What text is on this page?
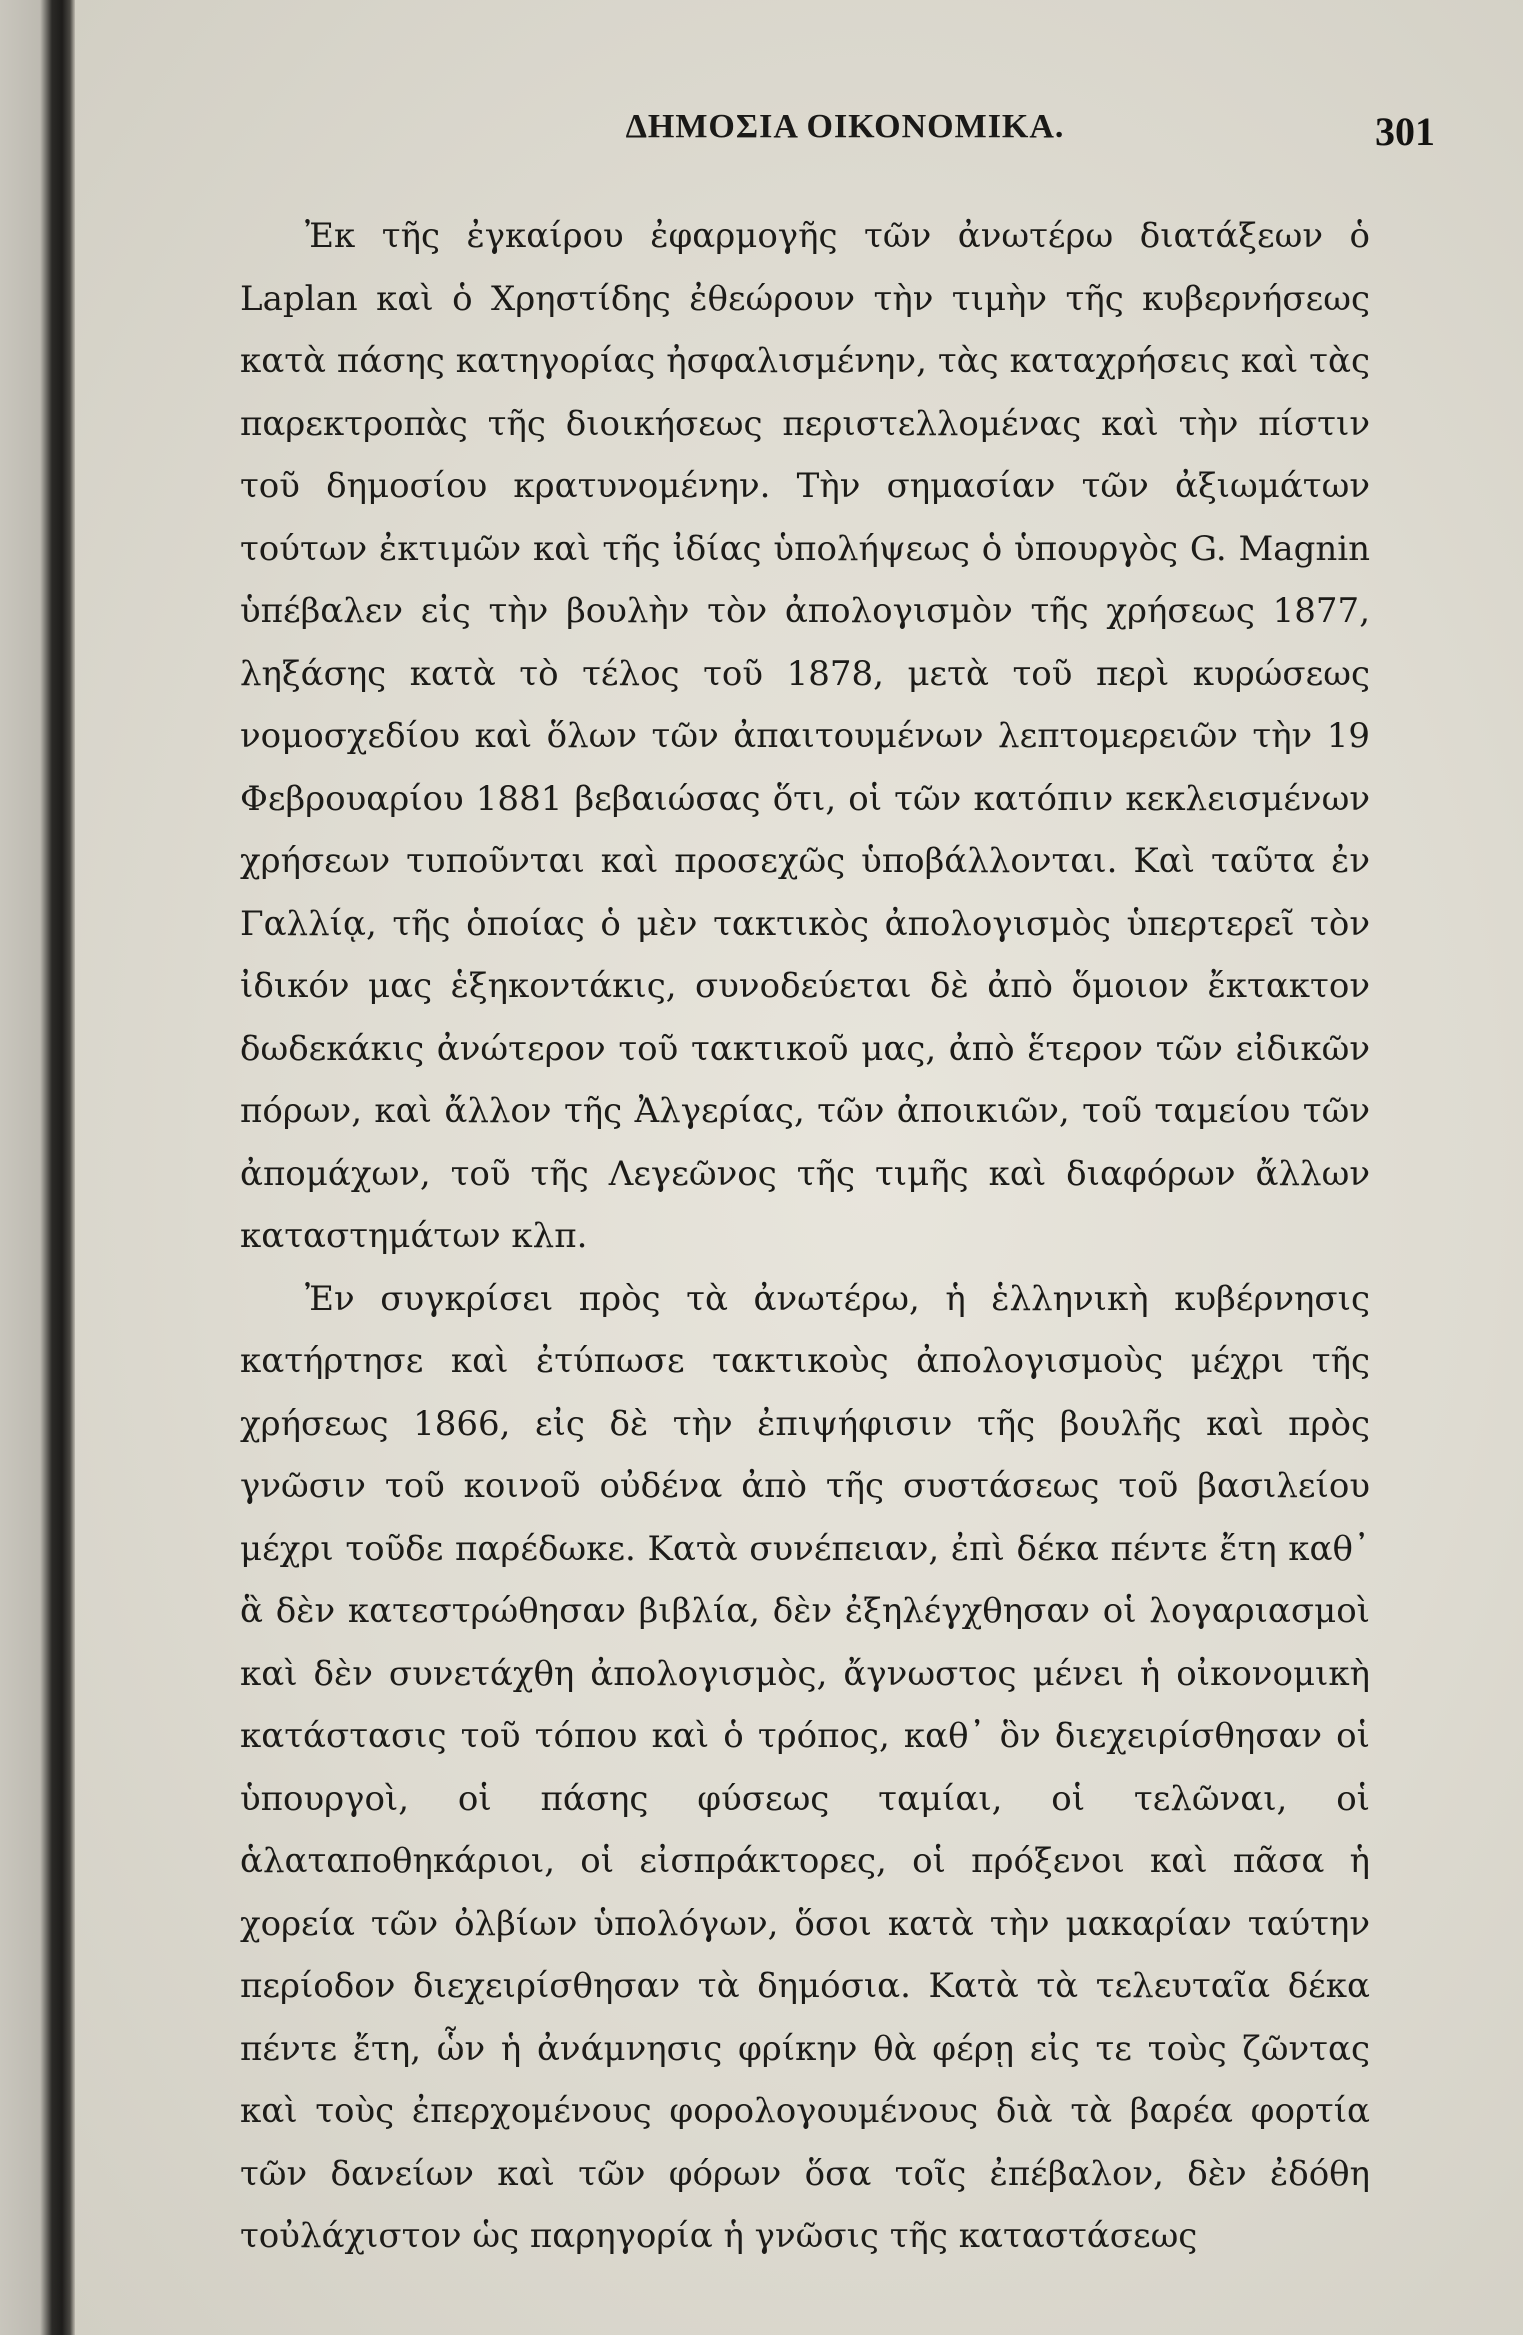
ΔΗΜΟΣΙΑ ΟΙΚΟΝΟΜΙΚΑ.	301

Ἐκ τῆς ἐγκαίρου ἐφαρμογῆς τῶν ἀνωτέρω διατάξεων ὁ Laplan καὶ ὁ Χρηστίδης ἐθεώρουν τὴν τιμὴν τῆς κυβερνήσεως κατὰ πάσης κατηγορίας ἠσφαλισμένην, τὰς καταχρήσεις καὶ τὰς παρεκτροπὰς τῆς διοικήσεως περιστελλομένας καὶ τὴν πίστιν τοῦ δημοσίου κρατυνομένην. Τὴν σημασίαν τῶν ἀξιωμάτων τούτων ἐκτιμῶν καὶ τῆς ἰδίας ὑπολήψεως ὁ ὑπουργὸς G. Magnin ὑπέβαλεν εἰς τὴν βουλὴν τὸν ἀπολογισμὸν τῆς χρήσεως 1877, ληξάσης κατὰ τὸ τέλος τοῦ 1878, μετὰ τοῦ περὶ κυρώσεως νομοσχεδίου καὶ ὅλων τῶν ἀπαιτουμένων λεπτομερειῶν τὴν 19 Φεβρουαρίου 1881 βεβαιώσας ὅτι, οἱ τῶν κατόπιν κεκλεισμένων χρήσεων τυποῦνται καὶ προσεχῶς ὑποβάλλονται. Καὶ ταῦτα ἐν Γαλλίᾳ, τῆς ὁποίας ὁ μὲν τακτικὸς ἀπολογισμὸς ὑπερτερεῖ τὸν ἰδικόν μας ἑξηκοντάκις, συνοδεύεται δὲ ἀπὸ ὅμοιον ἔκτακτον δωδεκάκις ἀνώτερον τοῦ τακτικοῦ μας, ἀπὸ ἕτερον τῶν εἰδικῶν πόρων, καὶ ἄλλον τῆς Ἀλγερίας, τῶν ἀποικιῶν, τοῦ ταμείου τῶν ἀπομάχων, τοῦ τῆς Λεγεῶνος τῆς τιμῆς καὶ διαφόρων ἄλλων καταστημάτων κλπ.

Ἐν συγκρίσει πρὸς τὰ ἀνωτέρω, ἡ ἑλληνικὴ κυβέρνησις κατήρτησε καὶ ἐτύπωσε τακτικοὺς ἀπολογισμοὺς μέχρι τῆς χρήσεως 1866, εἰς δὲ τὴν ἐπιψήφισιν τῆς βουλῆς καὶ πρὸς γνῶσιν τοῦ κοινοῦ οὐδένα ἀπὸ τῆς συστάσεως τοῦ βασιλείου μέχρι τοῦδε παρέδωκε. Κατὰ συνέπειαν, ἐπὶ δέκα πέντε ἔτη καθ᾽ ἃ δὲν κατεστρώθησαν βιβλία, δὲν ἐξηλέγχθησαν οἱ λογαριασμοὶ καὶ δὲν συνετάχθη ἀπολογισμὸς, ἄγνωστος μένει ἡ οἰκονομικὴ κατάστασις τοῦ τόπου καὶ ὁ τρόπος, καθ᾽ ὃν διεχειρίσθησαν οἱ ὑπουργοὶ, οἱ πάσης φύσεως ταμίαι, οἱ τελῶναι, οἱ ἁλαταποθηκάριοι, οἱ εἰσπράκτορες, οἱ πρόξενοι καὶ πᾶσα ἡ χορεία τῶν ὀλβίων ὑπολόγων, ὅσοι κατὰ τὴν μακαρίαν ταύτην περίοδον διεχειρίσθησαν τὰ δημόσια. Κατὰ τὰ τελευταῖα δέκα πέντε ἔτη, ὧν ἡ ἀνάμνησις φρίκην θὰ φέρῃ εἰς τε τοὺς ζῶντας καὶ τοὺς ἐπερχομένους φορολογουμένους διὰ τὰ βαρέα φορτία τῶν δανείων καὶ τῶν φόρων ὅσα τοῖς ἐπέβαλον, δὲν ἐδόθη τοὐλάχιστον ὡς παρηγορία ἡ γνῶσις τῆς καταστάσεως
